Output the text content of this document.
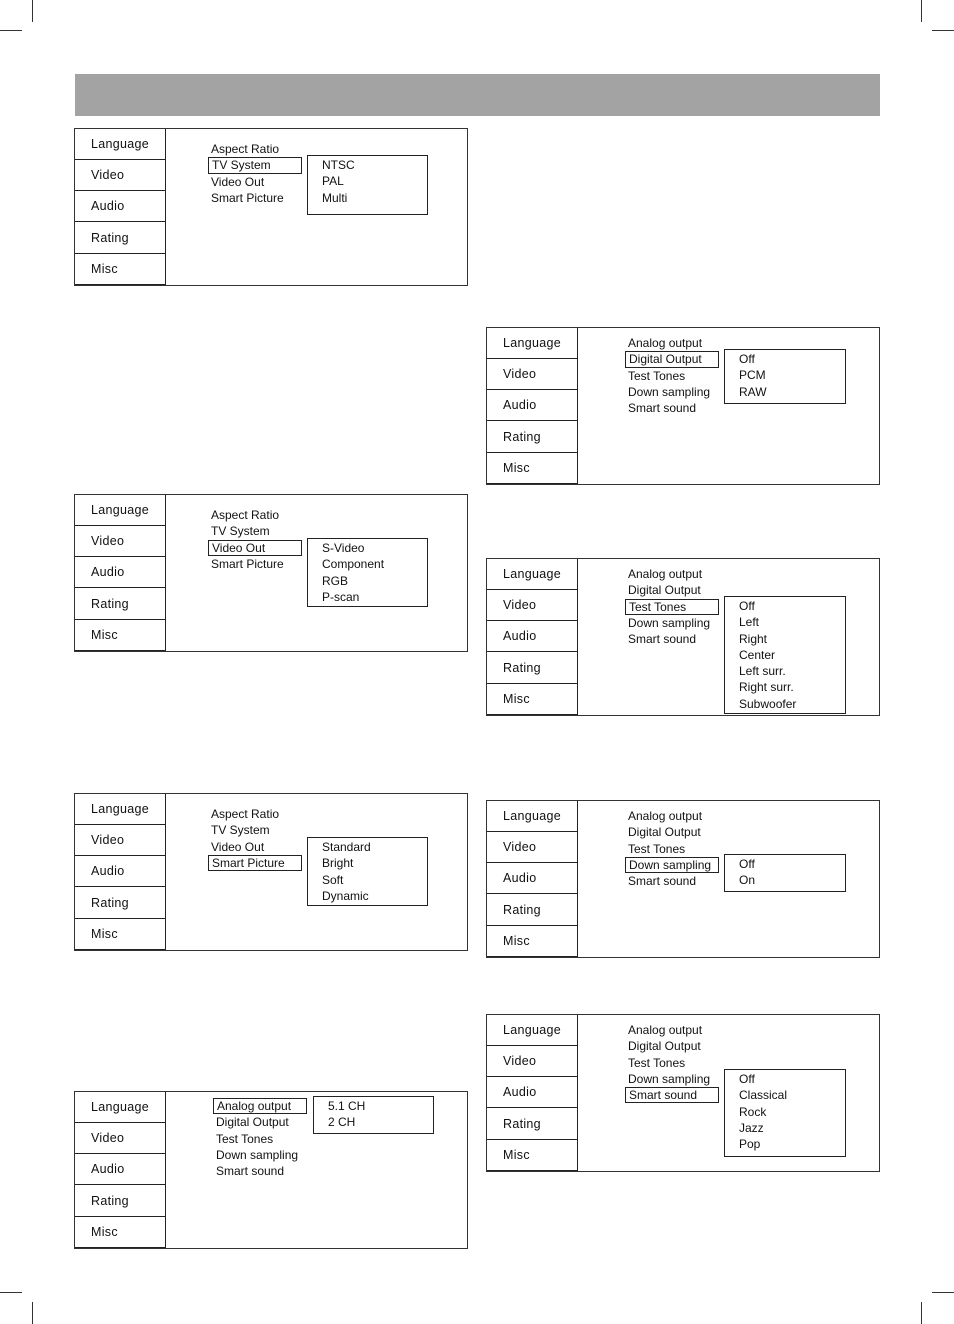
Language
Video
Audio
Rating
Misc
Aspect Ratio
TV System
Video Out
Smart Picture
NTSC
PAL
Multi
Language
Video
Audio
Rating
Misc
Aspect Ratio
TV System
Video Out
Smart Picture
S-Video
Component
RGB
P-scan
Language
Video
Audio
Rating
Misc
Aspect Ratio
TV System
Video Out
Smart Picture
Standard
Bright
Soft
Dynamic
Language
Video
Audio
Rating
Misc
Analog output
Digital Output
Test Tones
Down sampling
Smart sound
5.1 CH
2 CH
Language
Video
Audio
Rating
Misc
Analog output
Digital Output
Test Tones
Down sampling
Smart sound
Off
PCM
RAW
Language
Video
Audio
Rating
Misc
Analog output
Digital Output
Test Tones
Down sampling
Smart sound
Off
Left
Right
Center
Left surr.
Right surr.
Subwoofer
Language
Video
Audio
Rating
Misc
Analog output
Digital Output
Test Tones
Down sampling
Smart sound
Off
On
Language
Video
Audio
Rating
Misc
Analog output
Digital Output
Test Tones
Down sampling
Smart sound
Off
Classical
Rock
Jazz
Pop
